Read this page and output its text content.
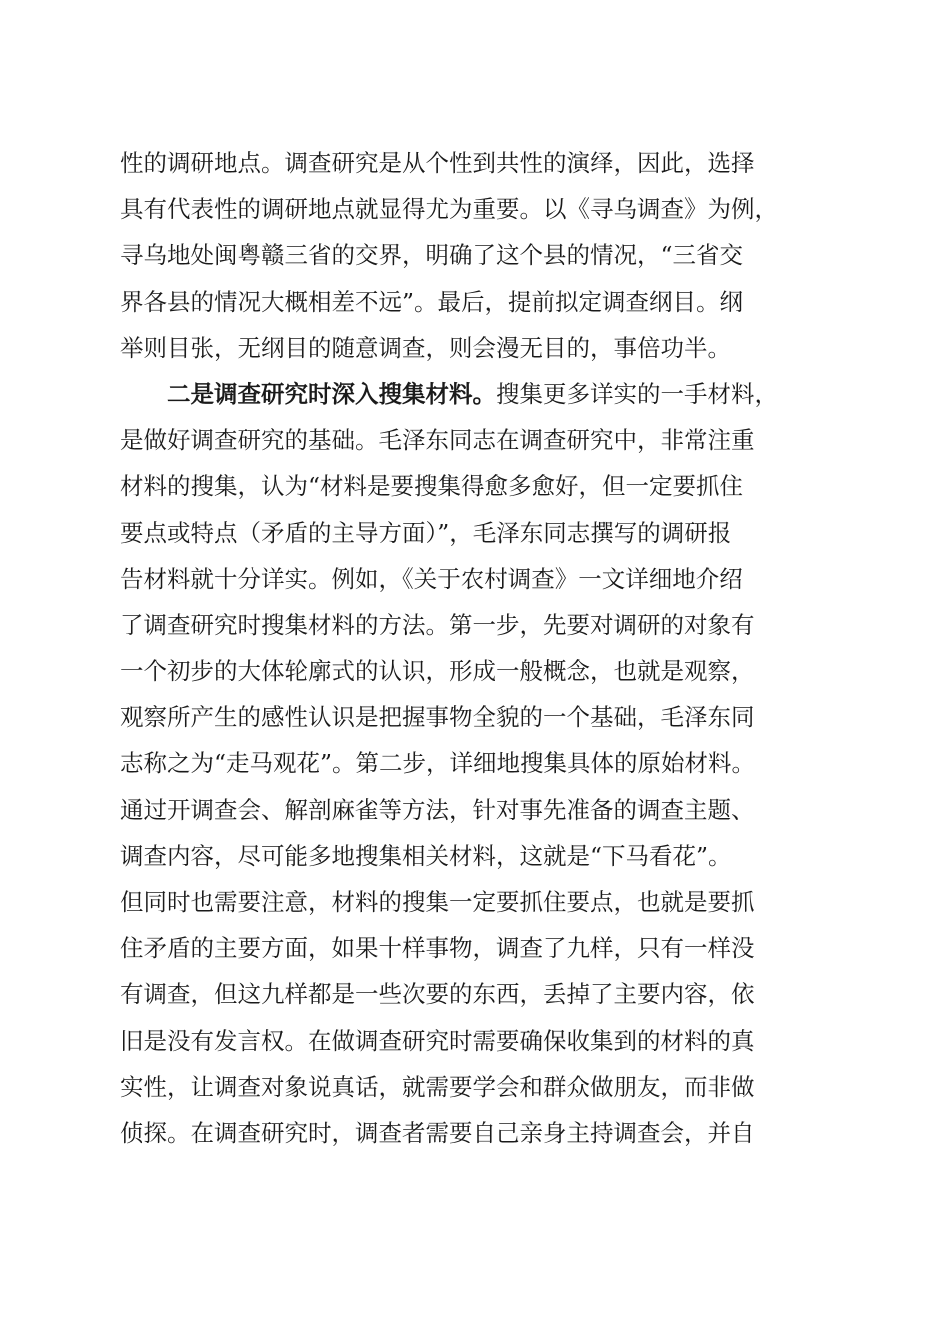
性的调研地点。调查研究是从个性到共性的演绎，因此，选择
具有代表性的调研地点就显得尤为重要。以《寻乌调查》为例，
寻乌地处闽粤赣三省的交界，明确了这个县的情况，“三省交
界各县的情况大概相差不远”。最后，提前拟定调查纲目。纲
举则目张，无纲目的随意调查，则会漫无目的，事倍功半。
二是调查研究时深入搜集材料。搜集更多详实的一手材料，
是做好调查研究的基础。毛泽东同志在调查研究中，非常注重
材料的搜集，认为“材料是要搜集得愈多愈好，但一定要抓住
要点或特点（矛盾的主导方面）”，毛泽东同志撰写的调研报
告材料就十分详实。例如，《关于农村调查》一文详细地介绍
了调查研究时搜集材料的方法。第一步，先要对调研的对象有
一个初步的大体轮廓式的认识，形成一般概念，也就是观察，
观察所产生的感性认识是把握事物全貌的一个基础，毛泽东同
志称之为“走马观花”。第二步，详细地搜集具体的原始材料。
通过开调查会、解剖麻雀等方法，针对事先准备的调查主题、
调查内容，尽可能多地搜集相关材料，这就是“下马看花”。
但同时也需要注意，材料的搜集一定要抓住要点，也就是要抓
住矛盾的主要方面，如果十样事物，调查了九样，只有一样没
有调查，但这九样都是一些次要的东西，丢掉了主要内容，依
旧是没有发言权。在做调查研究时需要确保收集到的材料的真
实性，让调查对象说真话，就需要学会和群众做朋友，而非做
侦探。在调查研究时，调查者需要自己亲身主持调查会，并自
